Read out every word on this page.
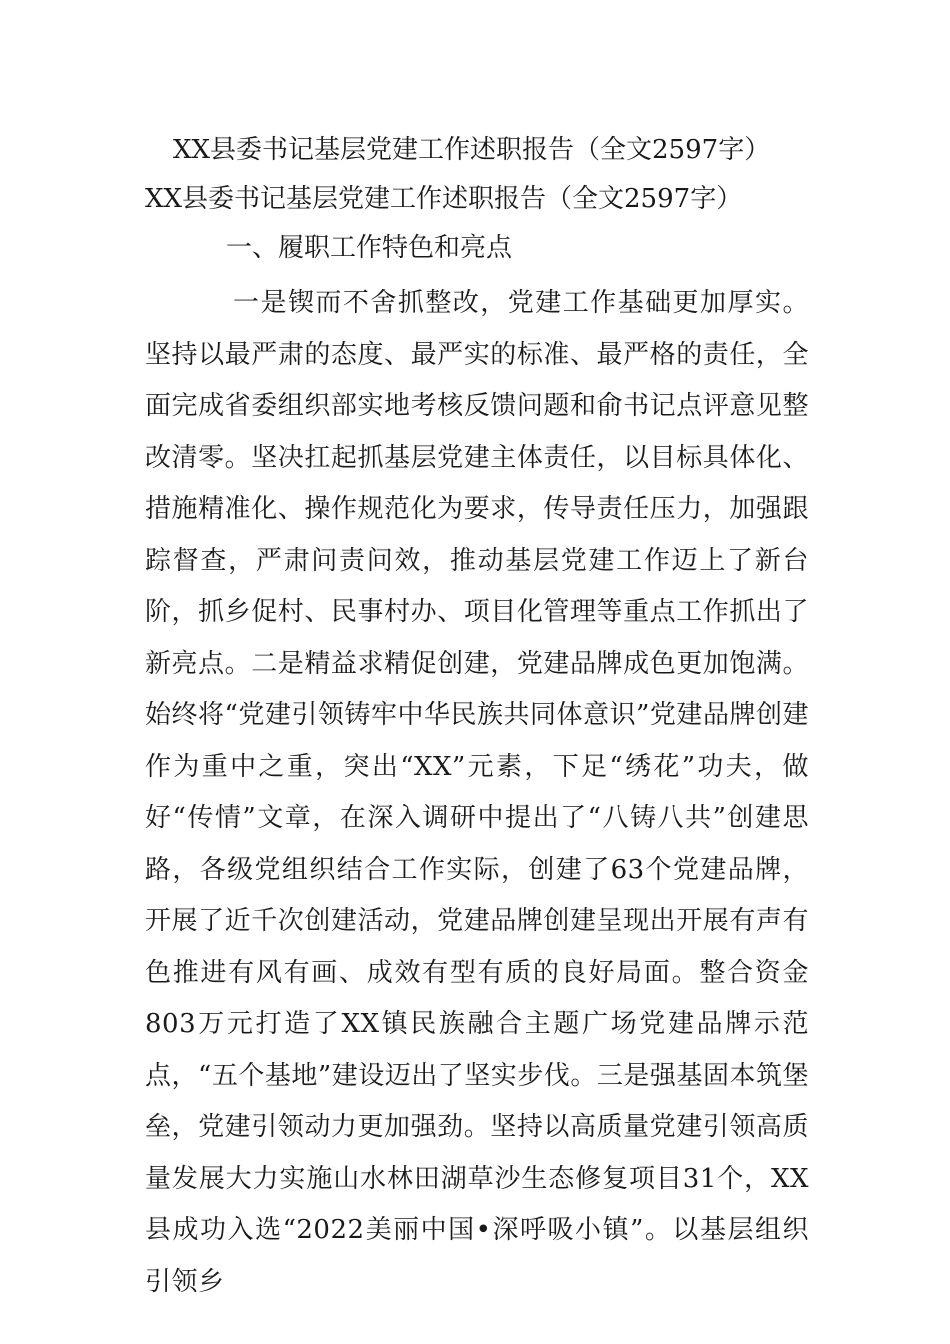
XX县委书记基层党建工作述职报告（全文2597字）
XX县委书记基层党建工作述职报告（全文2597字）
一、履职工作特色和亮点

一是锲而不舍抓整改，党建工作基础更加厚实。坚持以最严肃的态度、最严实的标准、最严格的责任，全面完成省委组织部实地考核反馈问题和俞书记点评意见整改清零。坚决扛起抓基层党建主体责任，以目标具体化、措施精准化、操作规范化为要求，传导责任压力，加强跟踪督查，严肃问责问效，推动基层党建工作迈上了新台阶，抓乡促村、民事村办、项目化管理等重点工作抓出了新亮点。二是精益求精促创建，党建品牌成色更加饱满。始终将“党建引领铸牢中华民族共同体意识”党建品牌创建作为重中之重，突出“XX”元素，下足“绣花”功夫，做好“传情”文章，在深入调研中提出了“八铸八共”创建思路，各级党组织结合工作实际，创建了63个党建品牌，开展了近千次创建活动，党建品牌创建呈现出开展有声有色推进有风有画、成效有型有质的良好局面。整合资金803万元打造了XX镇民族融合主题广场党建品牌示范点，“五个基地”建设迈出了坚实步伐。三是强基固本筑堡垒，党建引领动力更加强劲。坚持以高质量党建引领高质量发展大力实施山水林田湖草沙生态修复项目31个，XX县成功入选“2022美丽中国•深呼吸小镇”。以基层组织引领乡
